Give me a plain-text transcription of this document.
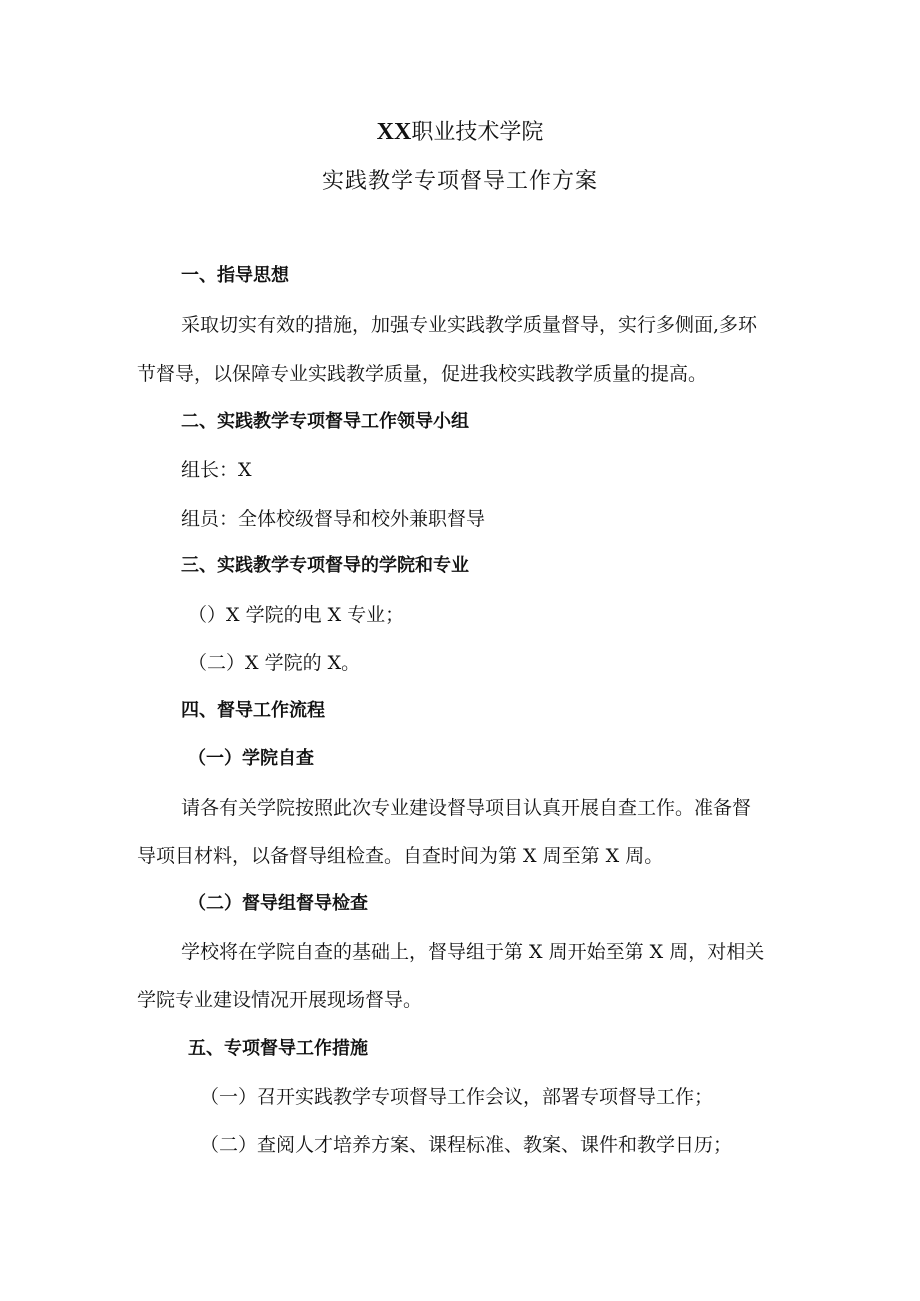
XX职业技术学院
实践教学专项督导工作方案
一、指导思想
采取切实有效的措施，加强专业实践教学质量督导，实行多侧面,多环
节督导，以保障专业实践教学质量，促进我校实践教学质量的提高。
二、实践教学专项督导工作领导小组
组长：X
组员：全体校级督导和校外兼职督导
三、实践教学专项督导的学院和专业
（）X 学院的电 X 专业；
（二）X 学院的 X。
四、督导工作流程
（一）学院自查
请各有关学院按照此次专业建设督导项目认真开展自查工作。准备督
导项目材料，以备督导组检查。自查时间为第 X 周至第 X 周。
（二）督导组督导检查
学校将在学院自查的基础上，督导组于第 X 周开始至第 X 周，对相关
学院专业建设情况开展现场督导。
五、专项督导工作措施
（一）召开实践教学专项督导工作会议，部署专项督导工作；
（二）查阅人才培养方案、课程标准、教案、课件和教学日历；
